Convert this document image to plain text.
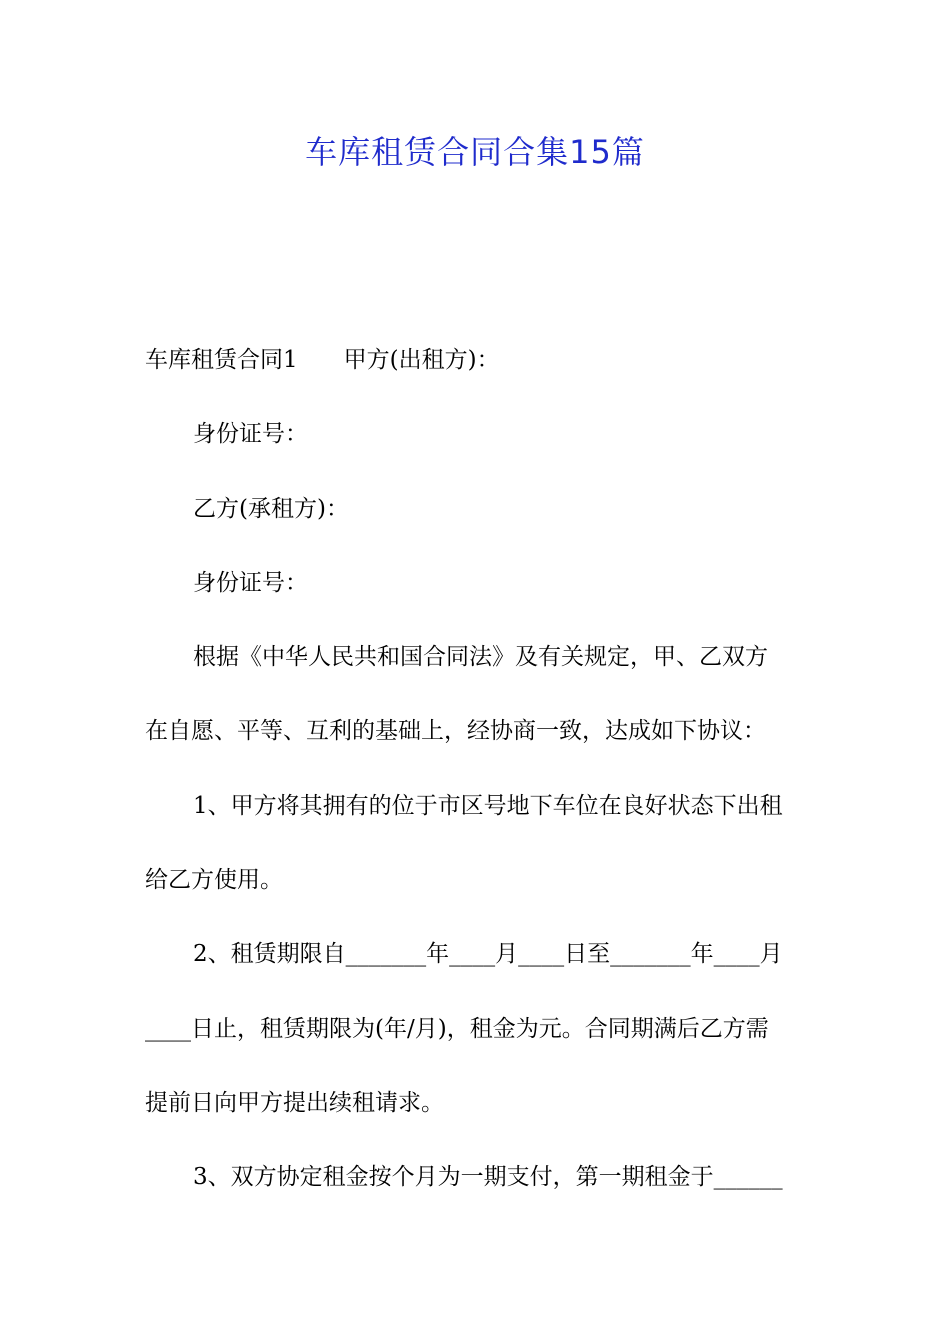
车库租赁合同合集15篇
车库租赁合同1 甲方(出租方)：
身份证号：
乙方(承租方)：
身份证号：
根据《中华人民共和国合同法》及有关规定，甲、乙双方
在自愿、平等、互利的基础上，经协商一致，达成如下协议：
1、甲方将其拥有的位于市区号地下车位在良好状态下出租
给乙方使用。
2、租赁期限自_______年____月____日至_______年____月
____日止，租赁期限为(年/月)，租金为元。合同期满后乙方需
提前日向甲方提出续租请求。
3、双方协定租金按个月为一期支付，第一期租金于______
